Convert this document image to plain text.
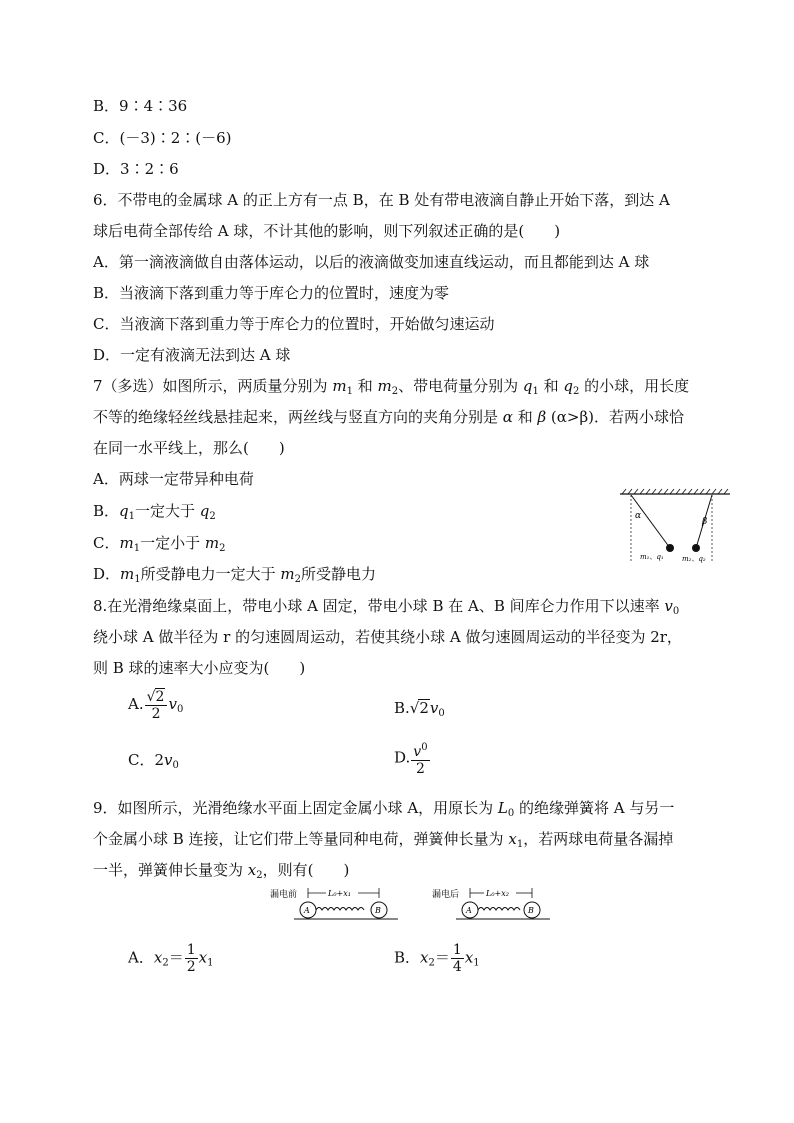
B．9∶4∶36
C．(－3)∶2∶(－6)
D．3∶2∶6
6．不带电的金属球 A 的正上方有一点 B，在 B 处有带电液滴自静止开始下落，到达 A
球后电荷全部传给 A 球，不计其他的影响，则下列叙述正确的是(　　)
A．第一滴液滴做自由落体运动，以后的液滴做变加速直线运动，而且都能到达 A 球
B．当液滴下落到重力等于库仑力的位置时，速度为零
C．当液滴下落到重力等于库仑力的位置时，开始做匀速运动
D．一定有液滴无法到达 A 球
7（多选）如图所示，两质量分别为 $m_1$ 和 $m_2$、带电荷量分别为 $q_1$ 和 $q_2$ 的小球，用长度
不等的绝缘轻丝线悬挂起来，两丝线与竖直方向的夹角分别是 α 和 β (α>β)．若两小球恰
在同一水平线上，那么(　　)
A．两球一定带异种电荷
B．$q_1$一定大于 $q_2$
C．$m_1$一定小于 $m_2$
D．$m_1$所受静电力一定大于 $m_2$所受静电力
α
β
m₁、q₁	m₂、q₂
8.在光滑绝缘桌面上，带电小球 A 固定，带电小球 B 在 A、B 间库仑力作用下以速率 $v_0$
绕小球 A 做半径为 r 的匀速圆周运动，若使其绕小球 A 做匀速圆周运动的半径变为 2r，
则 B 球的速率大小应变为(　　)
A. $\frac{√2}{2} v_0$	$B.√2v_0$
C．$2v_0$	D. $\frac{v^0}{2}$
9．如图所示，光滑绝缘水平面上固定金属小球 A，用原长为 $L_0$ 的绝缘弹簧将 A 与另一
个金属小球 B 连接，让它们带上等量同种电荷，弹簧伸长量为 $x_1$，若两球电荷量各漏掉
一半，弹簧伸长量变为 $x_2$，则有(　　)
漏电前	L₀+x₁
A	B
漏电后	L₀+x₂
A	B
A．$x_2= \frac{1}{2} x_1$	B．$x_2= \frac{1}{4} x_1$
